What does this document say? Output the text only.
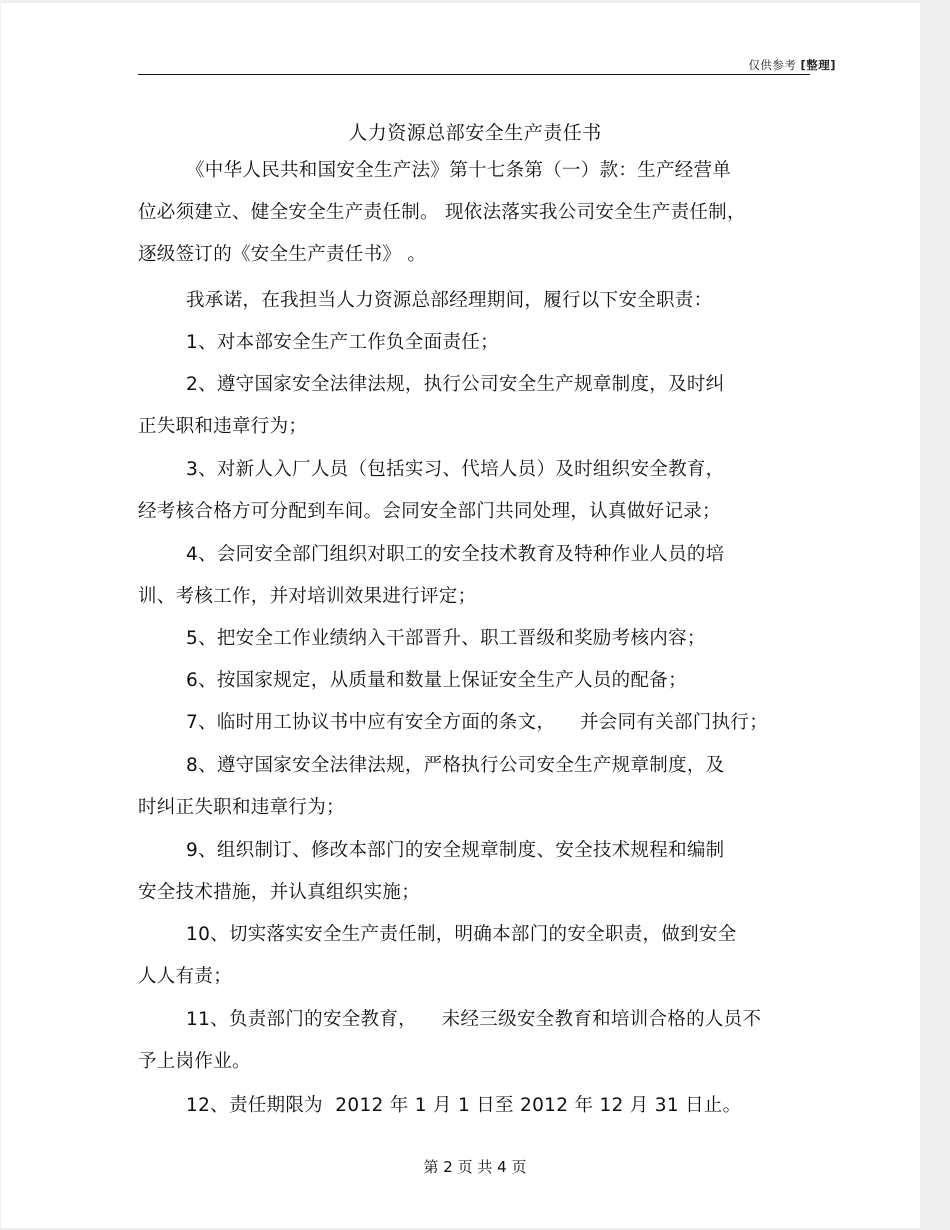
仅供参考 [整理]
人力资源总部安全生产责任书
《中华人民共和国安全生产法》第十七条第（一）款：生产经营单
位必须建立、健全安全生产责任制。 现依法落实我公司安全生产责任制，
逐级签订的《安全生产责任书》 。
我承诺，在我担当人力资源总部经理期间，履行以下安全职责：
1、对本部安全生产工作负全面责任；
2、遵守国家安全法律法规，执行公司安全生产规章制度，及时纠
正失职和违章行为；
3、对新人入厂人员（包括实习、代培人员）及时组织安全教育，
经考核合格方可分配到车间。会同安全部门共同处理，认真做好记录；
4、会同安全部门组织对职工的安全技术教育及特种作业人员的培
训、考核工作，并对培训效果进行评定；
5、把安全工作业绩纳入干部晋升、职工晋级和奖励考核内容；
6、按国家规定，从质量和数量上保证安全生产人员的配备；
7、临时用工协议书中应有安全方面的条文，    并会同有关部门执行；
8、遵守国家安全法律法规，严格执行公司安全生产规章制度，及
时纠正失职和违章行为；
9、组织制订、修改本部门的安全规章制度、安全技术规程和编制
安全技术措施，并认真组织实施；
10、切实落实安全生产责任制，明确本部门的安全职责，做到安全
人人有责；
11、负责部门的安全教育，    未经三级安全教育和培训合格的人员不
予上岗作业。
12、责任期限为  2012 年 1 月 1 日至 2012 年 12 月 31 日止。
第 2 页 共 4 页
